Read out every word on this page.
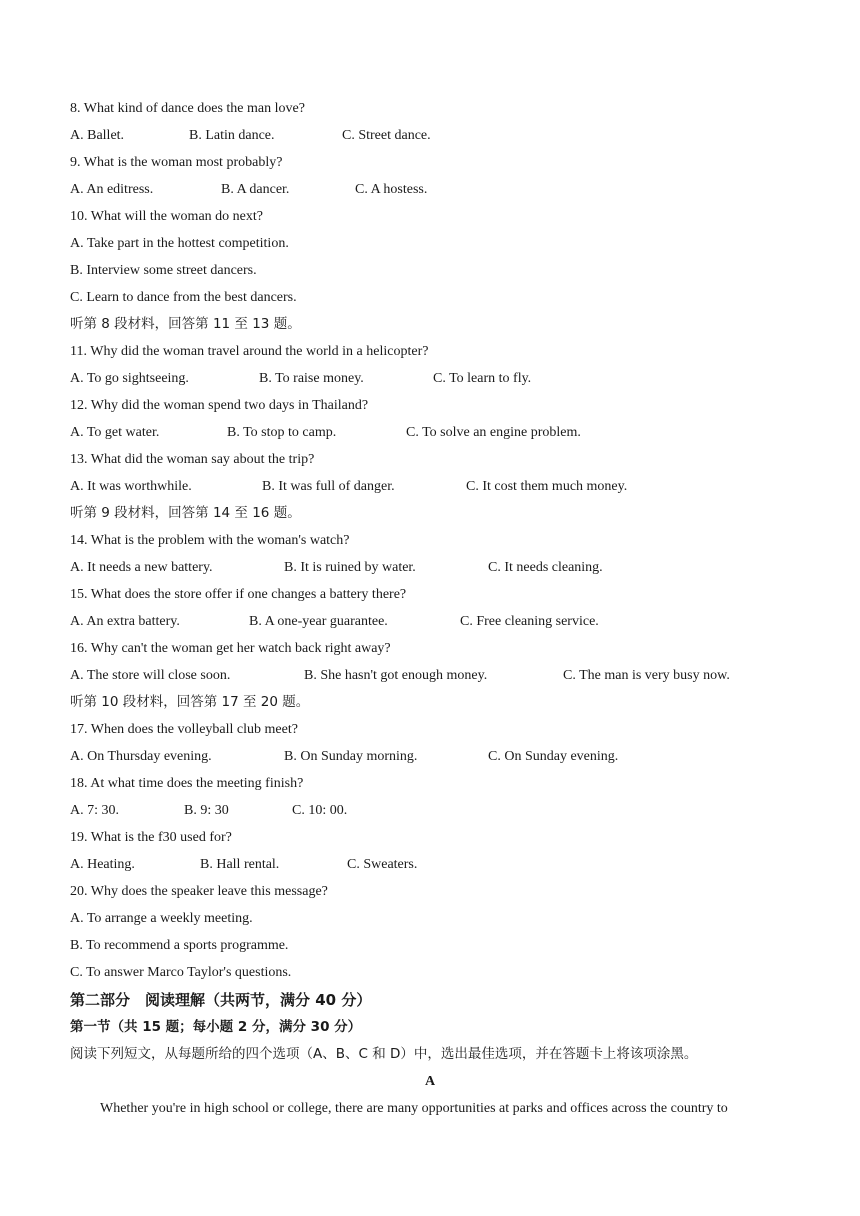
8. What kind of dance does the man love?
A. Ballet.	B. Latin dance.	C. Street dance.
9. What is the woman most probably?
A. An editress.	B. A dancer.	C. A hostess.
10. What will the woman do next?
A. Take part in the hottest competition.
B. Interview some street dancers.
C. Learn to dance from the best dancers.
听第 8 段材料，回答第 11 至 13 题。
11. Why did the woman travel around the world in a helicopter?
A. To go sightseeing.	B. To raise money.	C. To learn to fly.
12. Why did the woman spend two days in Thailand?
A. To get water.	B. To stop to camp.	C. To solve an engine problem.
13. What did the woman say about the trip?
A. It was worthwhile.	B. It was full of danger.	C. It cost them much money.
听第 9 段材料，回答第 14 至 16 题。
14. What is the problem with the woman's watch?
A. It needs a new battery.	B. It is ruined by water.	C. It needs cleaning.
15. What does the store offer if one changes a battery there?
A. An extra battery.	B. A one-year guarantee.	C. Free cleaning service.
16. Why can't the woman get her watch back right away?
A. The store will close soon.	B. She hasn't got enough money.	C. The man is very busy now.
听第 10 段材料，回答第 17 至 20 题。
17. When does the volleyball club meet?
A. On Thursday evening.	B. On Sunday morning.	C. On Sunday evening.
18. At what time does the meeting finish?
A. 7: 30.	B. 9: 30	C. 10: 00.
19. What is the f30 used for?
A. Heating.	B. Hall rental.	C. Sweaters.
20. Why does the speaker leave this message?
A. To arrange a weekly meeting.
B. To recommend a sports programme.
C. To answer Marco Taylor's questions.
第二部分　阅读理解（共两节，满分 40 分）
第一节（共 15 题；每小题 2 分，满分 30 分）
阅读下列短文，从每题所给的四个选项（A、B、C 和 D）中，选出最佳选项，并在答题卡上将该项涂黑。
A
Whether you're in high school or college, there are many opportunities at parks and offices across the country to
